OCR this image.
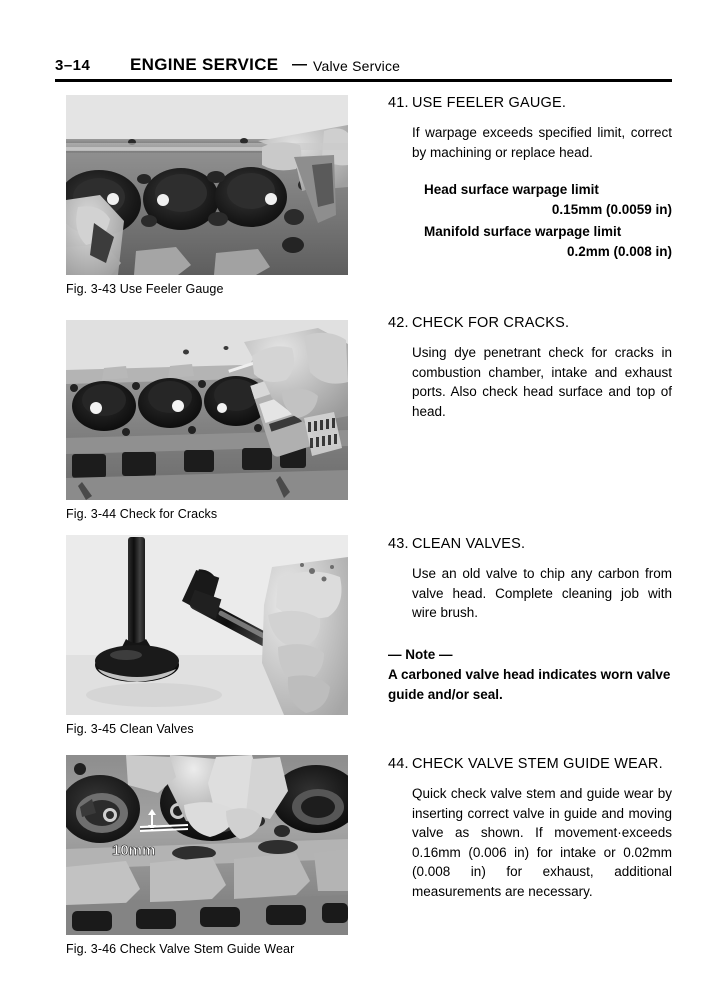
3–14 ENGINE SERVICE — Valve Service
Fig. 3-43 Use Feeler Gauge
Fig. 3-44 Check for Cracks
Fig. 3-45 Clean Valves
10mm
Fig. 3-46 Check Valve Stem Guide Wear
41. USE FEELER GAUGE.
If warpage exceeds specified limit, correct by machining or replace head.
Head surface warpage limit
0.15mm (0.0059 in)
Manifold surface warpage limit
0.2mm (0.008 in)
42. CHECK FOR CRACKS.
Using dye penetrant check for cracks in combustion chamber, intake and exhaust ports. Also check head surface and top of head.
43. CLEAN VALVES.
Use an old valve to chip any carbon from valve head. Complete cleaning job with wire brush.
— Note —
A carboned valve head indicates worn valve guide and/or seal.
44. CHECK VALVE STEM GUIDE WEAR.
Quick check valve stem and guide wear by inserting correct valve in guide and moving valve as shown. If movement·exceeds 0.16mm (0.006 in) for intake or 0.02mm (0.008 in) for exhaust, additional measurements are necessary.
